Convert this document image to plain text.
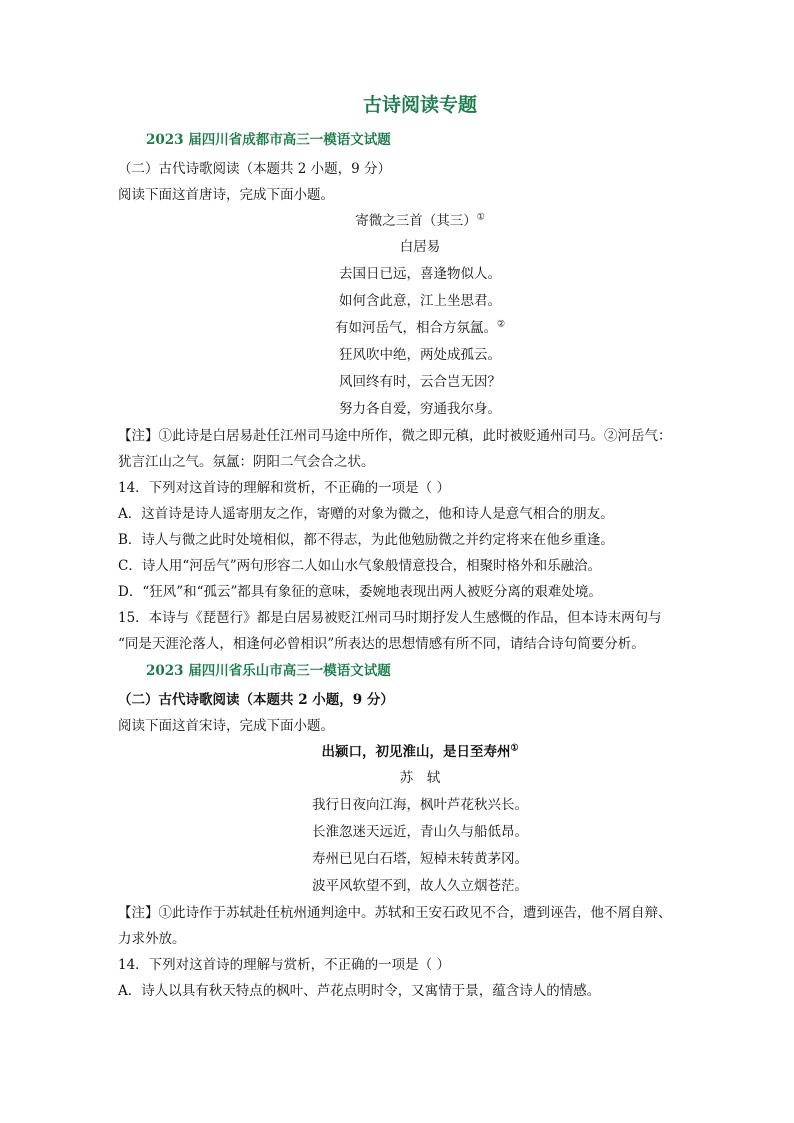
古诗阅读专题
2023 届四川省成都市高三一模语文试题

（二）古代诗歌阅读（本题共 2 小题，9 分）

阅读下面这首唐诗，完成下面小题。

寄微之三首（其三）①

白居易

去国日已远，喜逢物似人。

如何含此意，江上坐思君。

有如河岳气，相合方氛氲。②

狂风吹中绝，两处成孤云。

风回终有时，云合岂无因？

努力各自爱，穷通我尔身。

【注】①此诗是白居易赴任江州司马途中所作，微之即元稹，此时被贬通州司马。②河岳气：

犹言江山之气。氛氲：阴阳二气会合之状。

14．下列对这首诗的理解和赏析，不正确的一项是（ ）

A．这首诗是诗人遥寄朋友之作，寄赠的对象为微之，他和诗人是意气相合的朋友。

B．诗人与微之此时处境相似，都不得志，为此他勉励微之并约定将来在他乡重逢。

C．诗人用“河岳气”两句形容二人如山水气象般情意投合，相聚时格外和乐融洽。

D．“狂风”和“孤云”都具有象征的意味，委婉地表现出两人被贬分离的艰难处境。

15．本诗与《琵琶行》都是白居易被贬江州司马时期抒发人生感慨的作品，但本诗末两句与

“同是天涯沦落人，相逢何必曾相识”所表达的思想情感有所不同，请结合诗句简要分析。

2023 届四川省乐山市高三一模语文试题

（二）古代诗歌阅读（本题共 2 小题，9 分）

阅读下面这首宋诗，完成下面小题。

出颍口，初见淮山，是日至寿州①

苏　轼

我行日夜向江海，枫叶芦花秋兴长。

长淮忽迷天远近，青山久与船低昂。

寿州已见白石塔，短棹未转黄茅冈。

波平风软望不到，故人久立烟苍茫。

【注】①此诗作于苏轼赴任杭州通判途中。苏轼和王安石政见不合，遭到诬告，他不屑自辩、

力求外放。

14．下列对这首诗的理解与赏析，不正确的一项是（ ）

A．诗人以具有秋天特点的枫叶、芦花点明时令，又寓情于景，蕴含诗人的情感。
